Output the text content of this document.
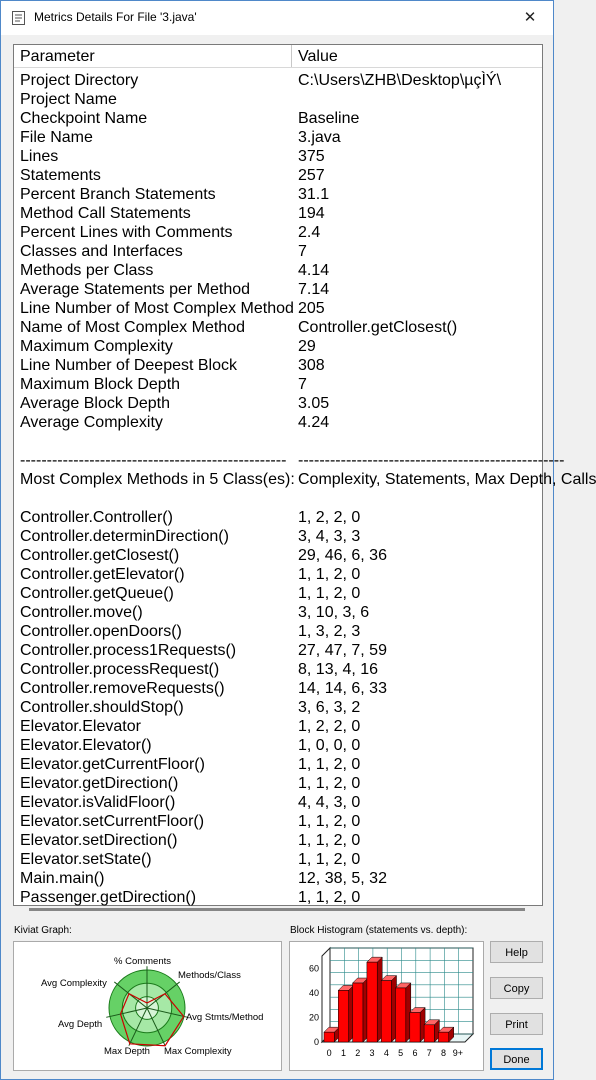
Metrics Details For File '3.java'	✕
Parameter	Value
Project Directory	C:\Users\ZHB\Desktop\µçÌÝ\
Project Name
Checkpoint Name	Baseline
File Name	3.java
Lines	375
Statements	257
Percent Branch Statements	31.1
Method Call Statements	194
Percent Lines with Comments	2.4
Classes and Interfaces	7
Methods per Class	4.14
Average Statements per Method	7.14
Line Number of Most Complex Method 205
Name of Most Complex Method	Controller.getClosest()
Maximum Complexity	29
Line Number of Deepest Block	308
Maximum Block Depth	7
Average Block Depth	3.05
Average Complexity	4.24
-------------------------------------------------- --------------------------------------------------
Most Complex Methods in 5 Class(es): Complexity, Statements, Max Depth, Calls
Controller.Controller()	1, 2, 2, 0
Controller.determinDirection()	3, 4, 3, 3
Controller.getClosest()	29, 46, 6, 36
Controller.getElevator()	1, 1, 2, 0
Controller.getQueue()	1, 1, 2, 0
Controller.move()	3, 10, 3, 6
Controller.openDoors()	1, 3, 2, 3
Controller.process1Requests()	27, 47, 7, 59
Controller.processRequest()	8, 13, 4, 16
Controller.removeRequests()	14, 14, 6, 33
Controller.shouldStop()	3, 6, 3, 2
Elevator.Elevator	1, 2, 2, 0
Elevator.Elevator()	1, 0, 0, 0
Elevator.getCurrentFloor()	1, 1, 2, 0
Elevator.getDirection()	1, 1, 2, 0
Elevator.isValidFloor()	4, 4, 3, 0
Elevator.setCurrentFloor()	1, 1, 2, 0
Elevator.setDirection()	1, 1, 2, 0
Elevator.setState()	1, 1, 2, 0
Main.main()	12, 38, 5, 32
Passenger.getDirection()	1, 1, 2, 0
Kiviat Graph:
% Comments
Methods/Class
Avg Stmts/Method
Max Complexity
Max Depth
Avg Depth
Avg Complexity
Block Histogram (statements vs. depth):
0
20
40
60
0 1 2 3 4 5 6 7 8 9+
Help
Copy
Print
Done
